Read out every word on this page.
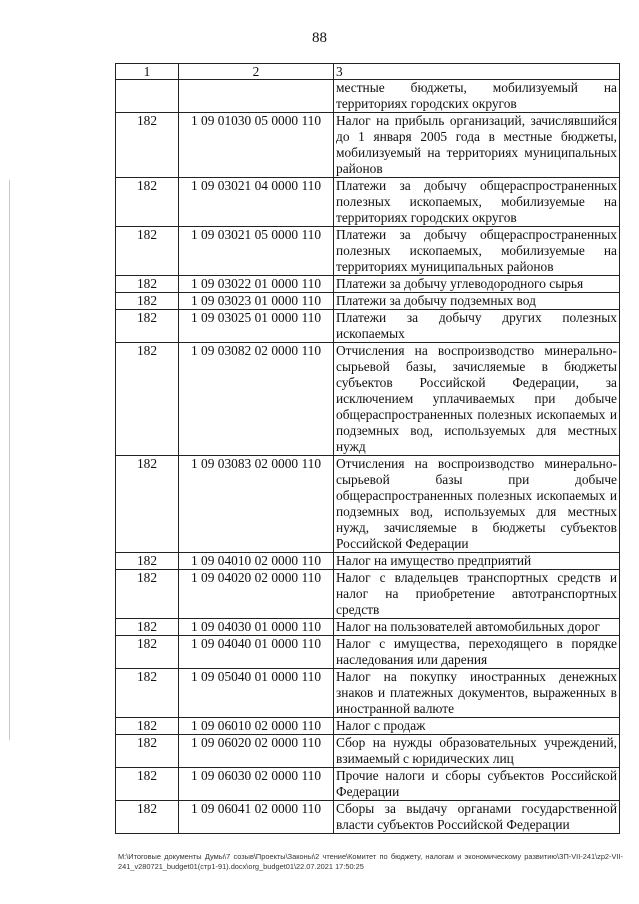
88
1	2	3
		местные бюджеты, мобилизуемый на территориях городских округов
182	1 09 01030 05 0000 110	Налог на прибыль организаций, зачислявшийся до 1 января 2005 года в местные бюджеты, мобилизуемый на территориях муниципальных районов
182	1 09 03021 04 0000 110	Платежи за добычу общераспространенных полезных ископаемых, мобилизуемые на территориях городских округов
182	1 09 03021 05 0000 110	Платежи за добычу общераспространенных полезных ископаемых, мобилизуемые на территориях муниципальных районов
182	1 09 03022 01 0000 110	Платежи за добычу углеводородного сырья
182	1 09 03023 01 0000 110	Платежи за добычу подземных вод
182	1 09 03025 01 0000 110	Платежи за добычу других полезных ископаемых
182	1 09 03082 02 0000 110	Отчисления на воспроизводство минерально-сырьевой базы, зачисляемые в бюджеты субъектов Российской Федерации, за исключением уплачиваемых при добыче общераспространенных полезных ископаемых и подземных вод, используемых для местных нужд
182	1 09 03083 02 0000 110	Отчисления на воспроизводство минерально-сырьевой базы при добыче общераспространенных полезных ископаемых и подземных вод, используемых для местных нужд, зачисляемые в бюджеты субъектов Российской Федерации
182	1 09 04010 02 0000 110	Налог на имущество предприятий
182	1 09 04020 02 0000 110	Налог с владельцев транспортных средств и налог на приобретение автотранспортных средств
182	1 09 04030 01 0000 110	Налог на пользователей автомобильных дорог
182	1 09 04040 01 0000 110	Налог с имущества, переходящего в порядке наследования или дарения
182	1 09 05040 01 0000 110	Налог на покупку иностранных денежных знаков и платежных документов, выраженных в иностранной валюте
182	1 09 06010 02 0000 110	Налог с продаж
182	1 09 06020 02 0000 110	Сбор на нужды образовательных учреждений, взимаемый с юридических лиц
182	1 09 06030 02 0000 110	Прочие налоги и сборы субъектов Российской Федерации
182	1 09 06041 02 0000 110	Сборы за выдачу органами государственной власти субъектов Российской Федерации
M:\Итоговые документы Думы\7 созыв\Проекты\Законы\2 чтение\Комитет по бюджету, налогам и экономическому развитию\ЗП-VII-241\zp2-VII-241_v280721_budget01(стр1-91).docx\org_budget01\22.07.2021 17:50:25
